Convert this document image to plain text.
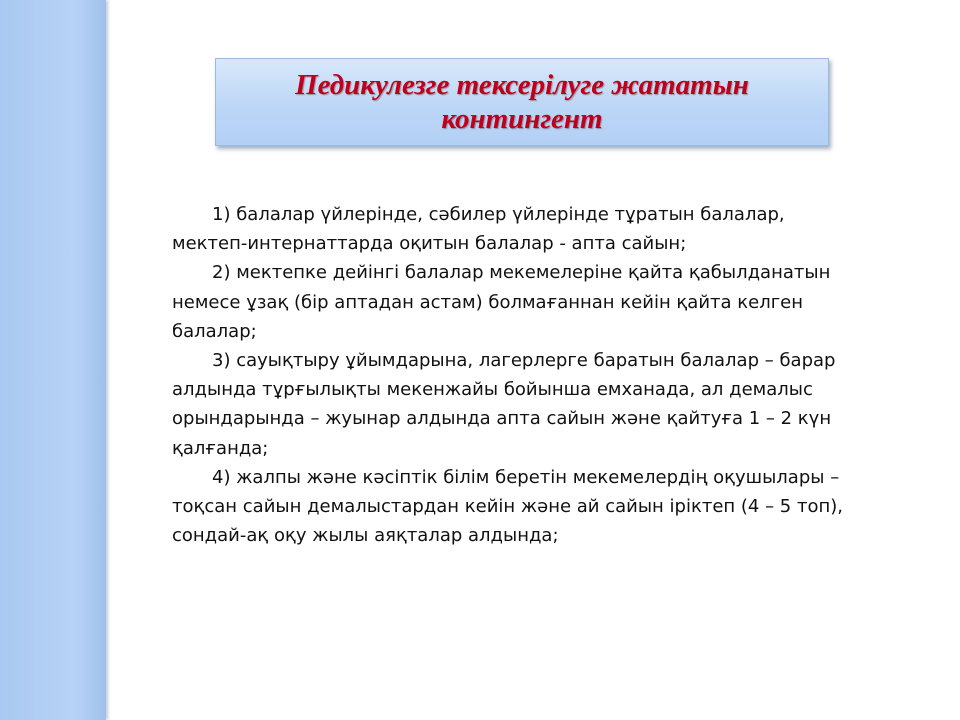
Педикулезге тексерілуге жататын
контингент

1) балалар үйлерінде, сәбилер үйлерінде тұратын балалар,
мектеп-интернаттарда оқитын балалар - апта сайын;

2) мектепке дейінгі балалар мекемелеріне қайта қабылданатын
немесе ұзақ (бір аптадан астам) болмағаннан кейін қайта келген
балалар;

3) сауықтыру ұйымдарына, лагерлерге баратын балалар – барар
алдында тұрғылықты мекенжайы бойынша емханада, ал демалыс
орындарында – жуынар алдында апта сайын және қайтуға 1 – 2 күн
қалғанда;

4) жалпы және кәсіптік білім беретін мекемелердің оқушылары –
тоқсан сайын демалыстардан кейін және ай сайын іріктеп (4 – 5 топ),
сондай-ақ оқу жылы аяқталар алдында;
